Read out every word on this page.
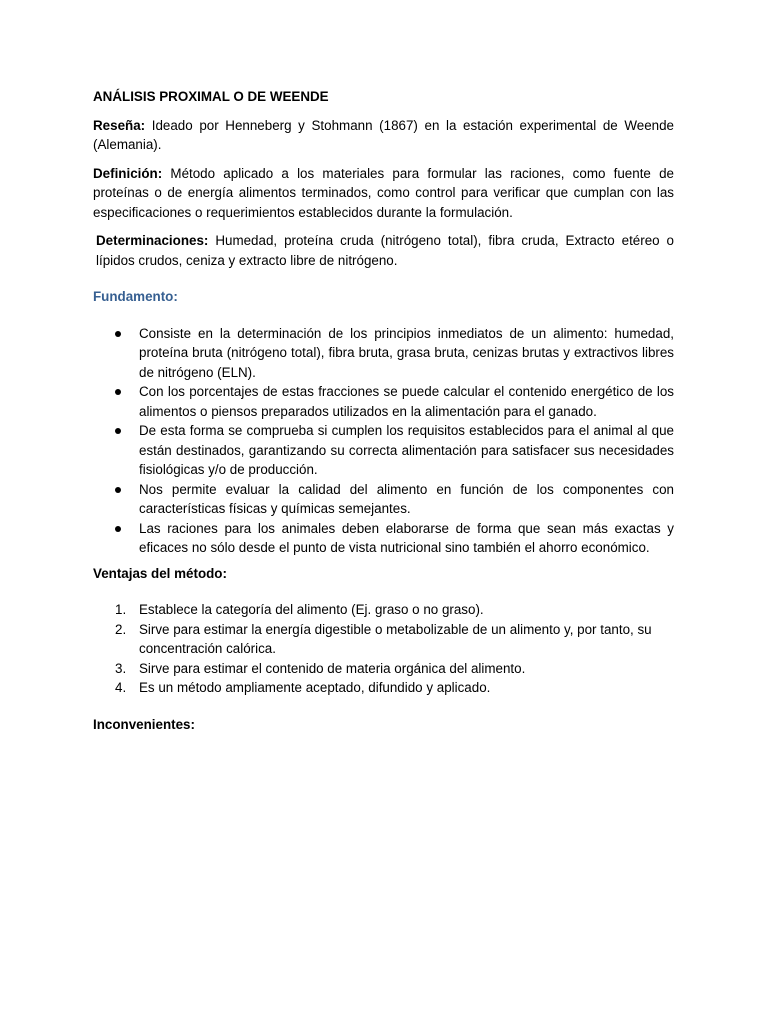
ANÁLISIS PROXIMAL O DE WEENDE

Reseña: Ideado por Henneberg y Stohmann (1867) en la estación experimental de Weende (Alemania).

Definición: Método aplicado a los materiales para formular las raciones, como fuente de proteínas o de energía alimentos terminados, como control para verificar que cumplan con las especificaciones o requerimientos establecidos durante la formulación.

Determinaciones: Humedad, proteína cruda (nitrógeno total), fibra cruda, Extracto etéreo o lípidos crudos, ceniza y extracto libre de nitrógeno.

Fundamento:
Consiste en la determinación de los principios inmediatos de un alimento: humedad, proteína bruta (nitrógeno total), fibra bruta, grasa bruta, cenizas brutas y extractivos libres de nitrógeno (ELN).
Con los porcentajes de estas fracciones se puede calcular el contenido energético de los alimentos o piensos preparados utilizados en la alimentación para el ganado.
De esta forma se comprueba si cumplen los requisitos establecidos para el animal al que están destinados, garantizando su correcta alimentación para satisfacer sus necesidades fisiológicas y/o de producción.
Nos permite evaluar la calidad del alimento en función de los componentes con características físicas y químicas semejantes.
Las raciones para los animales deben elaborarse de forma que sean más exactas y eficaces no sólo desde el punto de vista nutricional sino también el ahorro económico.
Ventajas del método:
1. Establece la categoría del alimento (Ej. graso o no graso).
2. Sirve para estimar la energía digestible o metabolizable de un alimento y, por tanto, su concentración calórica.
3. Sirve para estimar el contenido de materia orgánica del alimento.
4. Es un método ampliamente aceptado, difundido y aplicado.
Inconvenientes:
